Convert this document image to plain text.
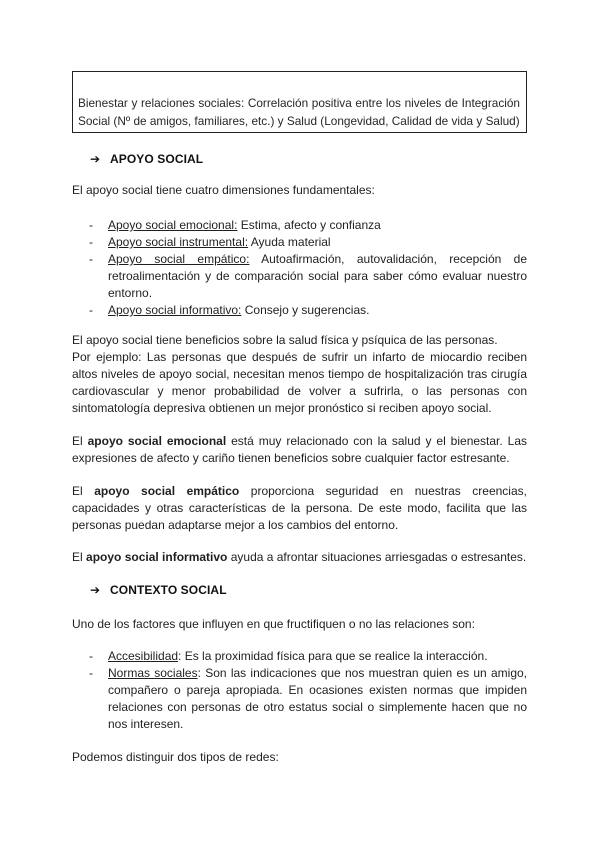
Bienestar y relaciones sociales: Correlación positiva entre los niveles de Integración Social (Nº de amigos, familiares, etc.) y Salud (Longevidad, Calidad de vida y Salud)
➔ APOYO SOCIAL
El apoyo social tiene cuatro dimensiones fundamentales:
- Apoyo social emocional: Estima, afecto y confianza
- Apoyo social instrumental: Ayuda material
- Apoyo social empático: Autoafirmación, autovalidación, recepción de retroalimentación y de comparación social para saber cómo evaluar nuestro entorno.
- Apoyo social informativo: Consejo y sugerencias.
El apoyo social tiene beneficios sobre la salud física y psíquica de las personas.
Por ejemplo: Las personas que después de sufrir un infarto de miocardio reciben altos niveles de apoyo social, necesitan menos tiempo de hospitalización tras cirugía cardiovascular y menor probabilidad de volver a sufrirla, o las personas con sintomatología depresiva obtienen un mejor pronóstico si reciben apoyo social.
El apoyo social emocional está muy relacionado con la salud y el bienestar. Las expresiones de afecto y cariño tienen beneficios sobre cualquier factor estresante.
El apoyo social empático proporciona seguridad en nuestras creencias, capacidades y otras características de la persona. De este modo, facilita que las personas puedan adaptarse mejor a los cambios del entorno.
El apoyo social informativo ayuda a afrontar situaciones arriesgadas o estresantes.
➔ CONTEXTO SOCIAL
Uno de los factores que influyen en que fructifiquen o no las relaciones son:
- Accesibilidad: Es la proximidad física para que se realice la interacción.
- Normas sociales: Son las indicaciones que nos muestran quien es un amigo, compañero o pareja apropiada. En ocasiones existen normas que impiden relaciones con personas de otro estatus social o simplemente hacen que no nos interesen.
Podemos distinguir dos tipos de redes:
